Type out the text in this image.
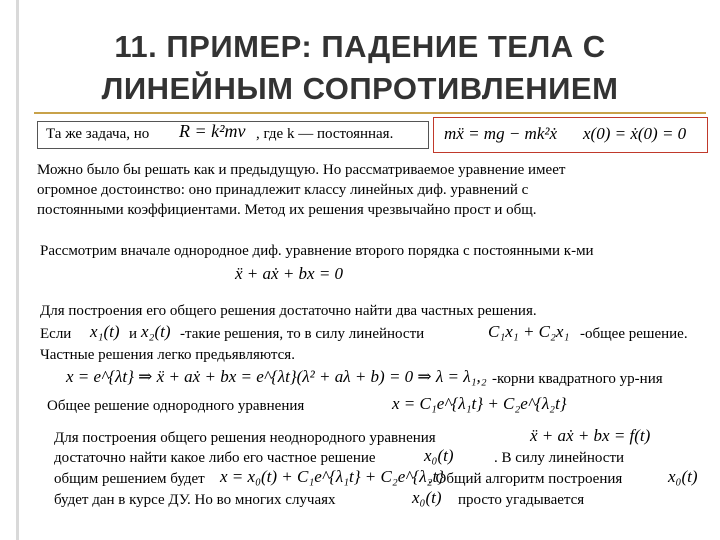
11. ПРИМЕР: ПАДЕНИЕ ТЕЛА С
ЛИНЕЙНЫМ СОПРОТИВЛЕНИЕМ
Та же задача, но R = k²mv , где k — постоянная.	mẍ = mg − mk²ẋ x(0) = ẋ(0) = 0
Можно было бы решать как и предыдущую. Но рассматриваемое уравнение имеет
огромное достоинство: оно принадлежит классу линейных диф. уравнений с
постоянными коэффициентами. Метод их решения чрезвычайно прост и общ.
Рассмотрим вначале однородное диф. уравнение второго порядка с постоянными к-ми
ẍ + aẋ + bx = 0
Для построения его общего решения достаточно найти два частных решения.
Если x₁(t) и x₂(t) -такие решения, то в силу линейности	C₁x₁ + C₂x₁ -общее решение.
Частные решения легко предьявляются.
x = e^{λt} ⇒ ẍ + aẋ + bx = e^{λt}(λ² + aλ + b) = 0 ⇒ λ = λ₁,₂ -корни квадратного ур-ния
Общее решение однородного уравнения	x = C₁e^{λ₁t} + C₂e^{λ₂t}
Для построения общего решения неоднородного уравнения	ẍ + aẋ + bx = f(t)
достаточно найти какое либо его частное решение	x₀(t)	. В силу линейности
общим решением будет x = x₀(t) + C₁e^{λ₁t} + C₂e^{λ₂t}
. Общий алгоритм построения	x₀(t)
будет дан в курсе ДУ. Но во многих случаях	x₀(t) просто угадывается
